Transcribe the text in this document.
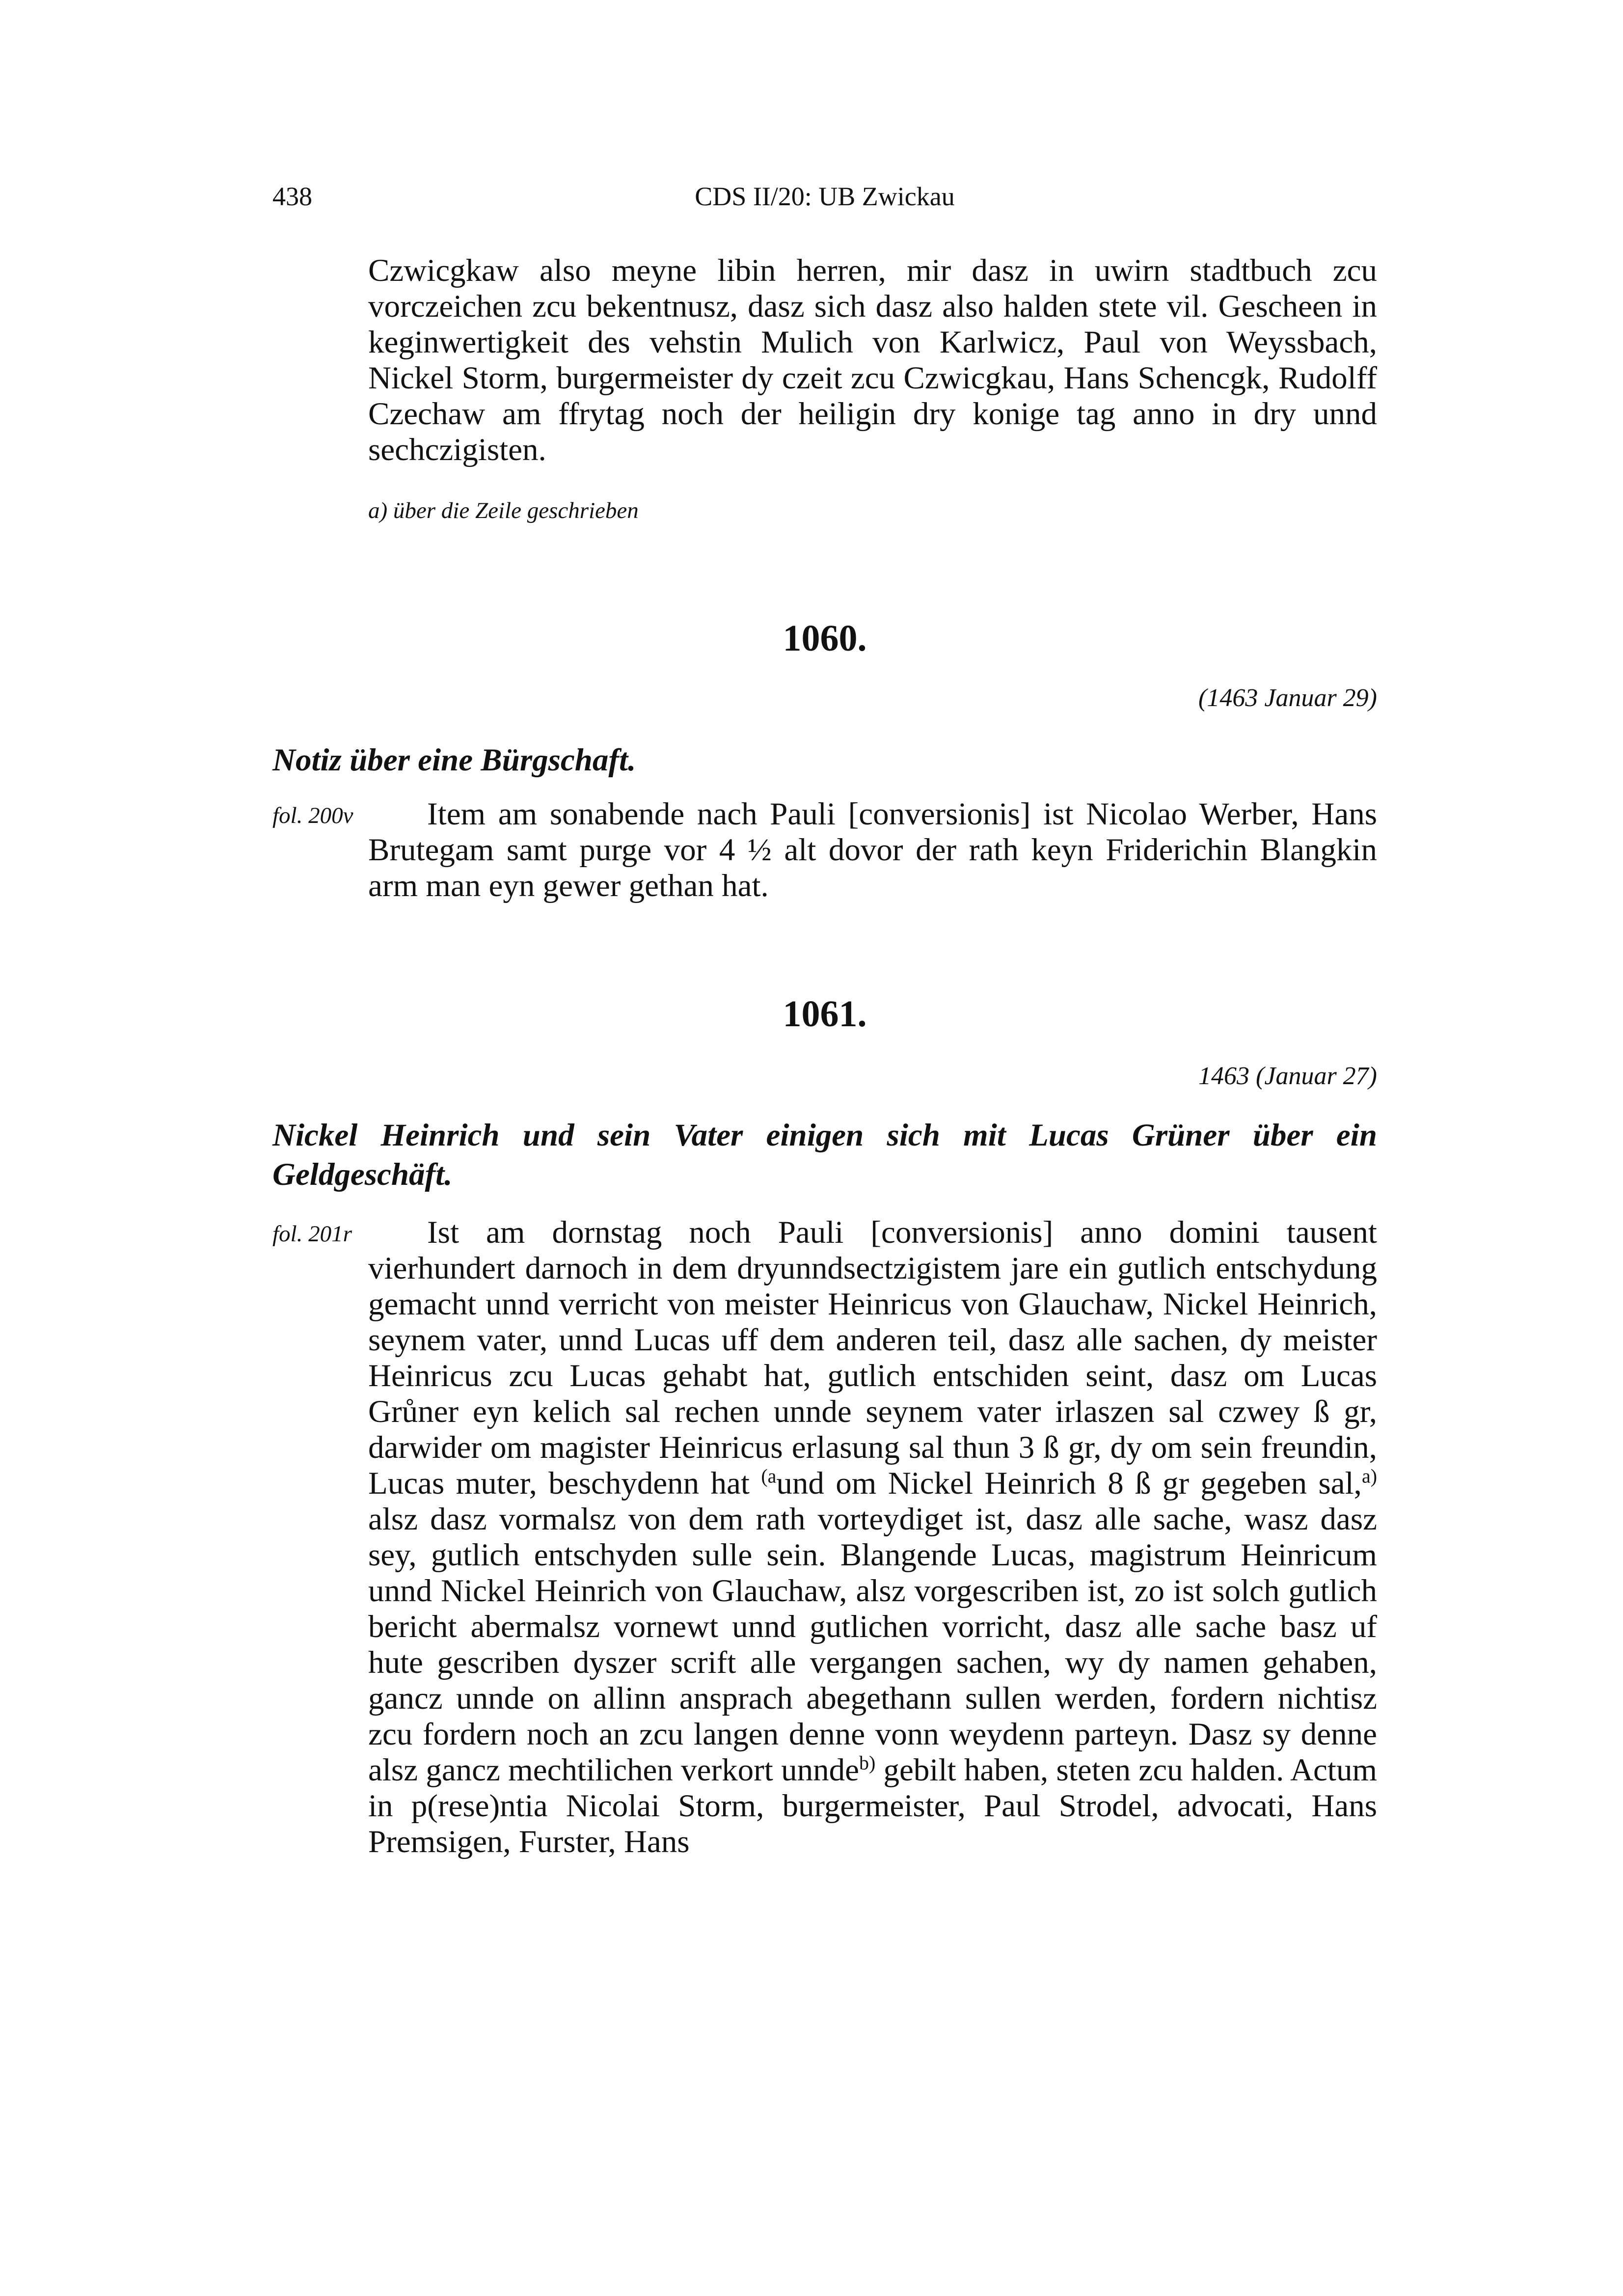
438	CDS II/20: UB Zwickau

Czwicgkaw also meyne libin herren, mir dasz in uwirn stadtbuch zcu vorczeichen zcu bekentnusz, dasz sich dasz also halden stete vil. Gescheen in keginwertigkeit des vehstin Mulich von Karlwicz, Paul von Weyssbach, Nickel Storm, burgermeister dy czeit zcu Czwicgkau, Hans Schencgk, Rudolff Czechaw am ffrytag noch der heiligin dry konige tag anno in dry unnd sechczigisten.

a) über die Zeile geschrieben

1060.
(1463 Januar 29)

Notiz über eine Bürgschaft.

fol. 200v	Item am sonabende nach Pauli [conversionis] ist Nicolao Werber, Hans Brutegam samt purge vor 4 ½ alt dovor der rath keyn Friderichin Blangkin arm man eyn gewer gethan hat.

1061.
1463 (Januar 27)

Nickel Heinrich und sein Vater einigen sich mit Lucas Grüner über ein Geldgeschäft.

fol. 201r	Ist am dornstag noch Pauli [conversionis] anno domini tausent vierhundert darnoch in dem dryunndsectzigistem jare ein gutlich entschydung gemacht unnd verricht von meister Heinricus von Glauchaw, Nickel Heinrich, seynem vater, unnd Lucas uff dem anderen teil, dasz alle sachen, dy meister Heinricus zcu Lucas gehabt hat, gutlich entschiden seint, dasz om Lucas Grůner eyn kelich sal rechen unnde seynem vater irlaszen sal czwey ß gr, darwider om magister Heinricus erlasung sal thun 3 ß gr, dy om sein freundin, Lucas muter, beschydenn hat $^{(a}$und om Nickel Heinrich 8 ß gr gegeben sal,$^{a)}$ alsz dasz vormalsz von dem rath vorteydiget ist, dasz alle sache, wasz dasz sey, gutlich entschyden sulle sein. Blangende Lucas, magistrum Heinricum unnd Nickel Heinrich von Glauchaw, alsz vorgescriben ist, zo ist solch gutlich bericht abermalsz vornewt unnd gutlichen vorricht, dasz alle sache basz uf hute gescriben dyszer scrift alle vergangen sachen, wy dy namen gehaben, gancz unnde on allinn ansprach abegethann sullen werden, fordern nichtisz zcu fordern noch an zcu langen denne vonn weydenn parteyn. Dasz sy denne alsz gancz mechtilichen verkort unnde$^{b)}$ gebilt haben, steten zcu halden. Actum in p(rese)ntia Nicolai Storm, burgermeister, Paul Strodel, advocati, Hans Premsigen, Furster, Hans
